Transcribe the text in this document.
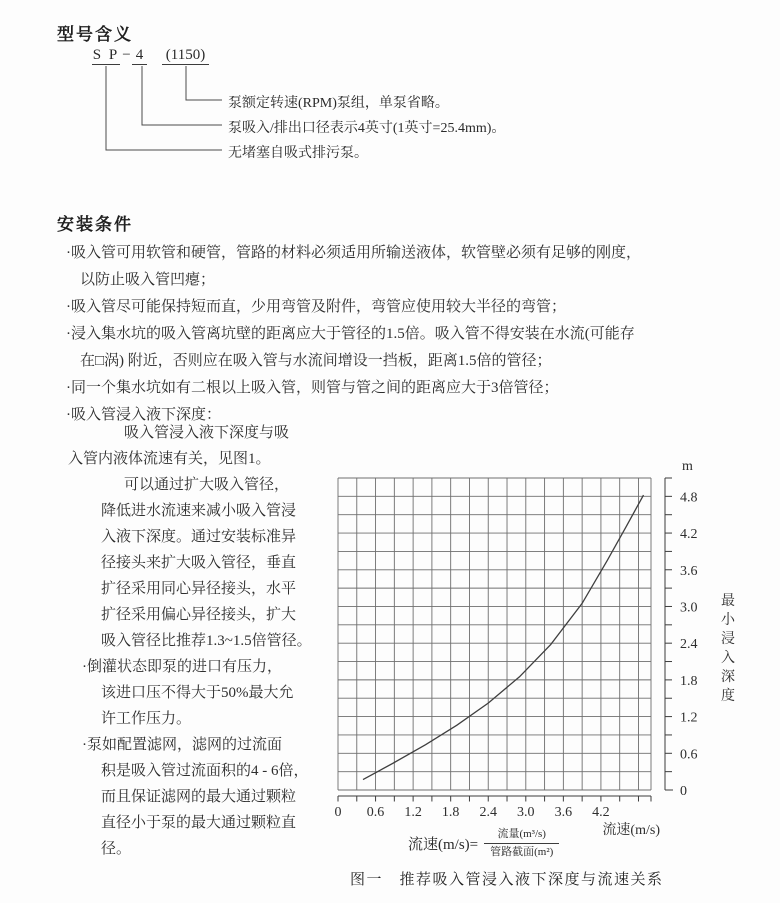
型号含义
S P − 4 (1150)
泵额定转速(RPM)泵组，单泵省略。
泵吸入/排出口径表示4英寸(1英寸=25.4mm)。
无堵塞自吸式排污泵。
安装条件
·吸入管可用软管和硬管，管路的材料必须适用所输送液体，软管壁必须有足够的刚度，
以防止吸入管凹瘪；
·吸入管尽可能保持短而直，少用弯管及附件，弯管应使用较大半径的弯管；
·浸入集水坑的吸入管离坑壁的距离应大于管径的1.5倍。吸入管不得安装在水流(可能存
在□涡) 附近，否则应在吸入管与水流间增设一挡板，距离1.5倍的管径；
·同一个集水坑如有二根以上吸入管，则管与管之间的距离应大于3倍管径；
·吸入管浸入液下深度：
吸入管浸入液下深度与吸
入管内液体流速有关，见图1。
可以通过扩大吸入管径，
降低进水流速来减小吸入管浸
入液下深度。通过安装标准异
径接头来扩大吸入管径，垂直
扩径采用同心异径接头，水平
扩径采用偏心异径接头，扩大
吸入管径比推荐1.3~1.5倍管径。
·倒灌状态即泵的进口有压力，
该进口压不得大于50%最大允
许工作压力。
·泵如配置滤网，滤网的过流面
积是吸入管过流面积的4 - 6倍，
而且保证滤网的最大通过颗粒
直径小于泵的最大通过颗粒直
径。
0 0.6 1.2 1.8 2.4 3.0 3.6 4.2
流速(m/s)
0
0.6
1.2
1.8
2.4
3.0
3.6
4.2
4.8
m
最
小
浸
入
深
度
流速$(m/s)= \frac{\text{流量(m³/s)}}{\text{管路截面(m²)}}$
图一　推荐吸入管浸入液下深度与流速关系
